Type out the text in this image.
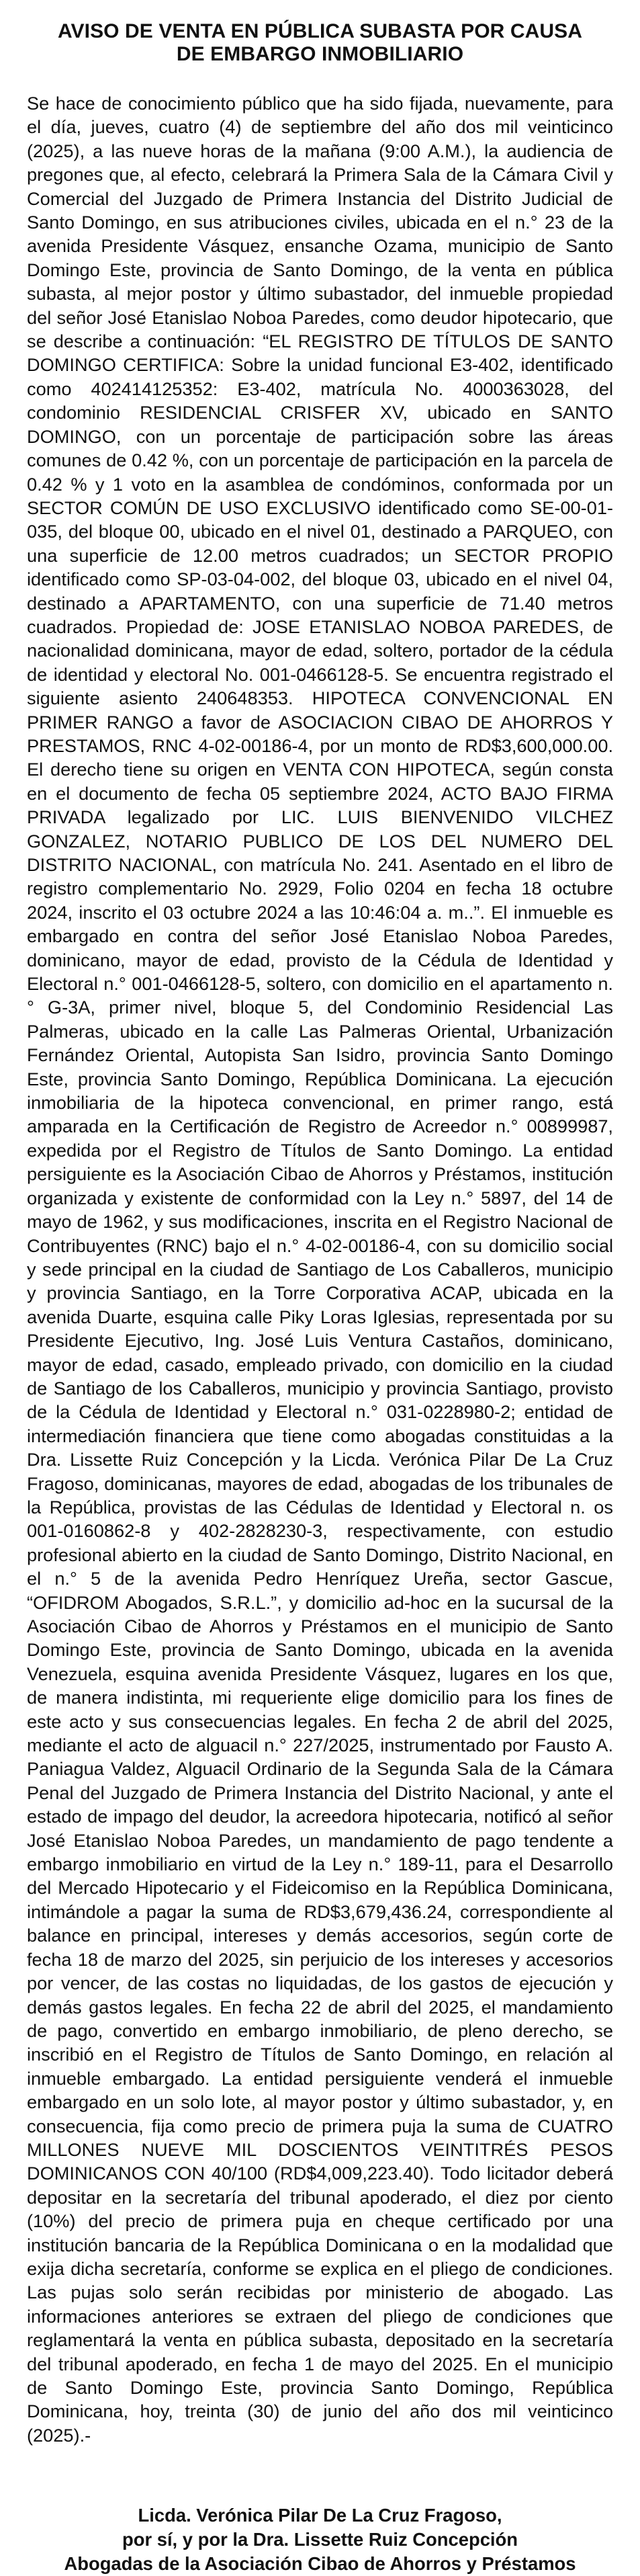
AVISO DE VENTA EN PÚBLICA SUBASTA POR CAUSA
DE EMBARGO INMOBILIARIO

Se hace de conocimiento público que ha sido fijada, nuevamente, para el día, jueves, cuatro (4) de septiembre del año dos mil veinticinco (2025), a las nueve horas de la mañana (9:00 A.M.), la audiencia de pregones que, al efecto, celebrará la Primera Sala de la Cámara Civil y Comercial del Juzgado de Primera Instancia del Distrito Judicial de Santo Domingo, en sus atribuciones civiles, ubicada en el n.° 23 de la avenida Presidente Vásquez, ensanche Ozama, municipio de Santo Domingo Este, provincia de Santo Domingo, de la venta en pública subasta, al mejor postor y último subastador, del inmueble propiedad del señor José Etanislao Noboa Paredes, como deudor hipotecario, que se describe a continuación: “EL REGISTRO DE TÍTULOS DE SANTO DOMINGO CERTIFICA: Sobre la unidad funcional E3-402, identificado como 402414125352: E3-402, matrícula No. 4000363028, del condominio RESIDENCIAL CRISFER XV, ubicado en SANTO DOMINGO, con un porcentaje de participación sobre las áreas comunes de 0.42 %, con un porcentaje de participación en la parcela de 0.42 % y 1 voto en la asamblea de condóminos, conformada por un SECTOR COMÚN DE USO EXCLUSIVO identificado como SE-00-01-035, del bloque 00, ubicado en el nivel 01, destinado a PARQUEO, con una superficie de 12.00 metros cuadrados; un SECTOR PROPIO identificado como SP-03-04-002, del bloque 03, ubicado en el nivel 04, destinado a APARTAMENTO, con una superficie de 71.40 metros cuadrados. Propiedad de: JOSE ETANISLAO NOBOA PAREDES, de nacionalidad dominicana, mayor de edad, soltero, portador de la cédula de identidad y electoral No. 001-0466128-5. Se encuentra registrado el siguiente asiento 240648353. HIPOTECA CONVENCIONAL EN PRIMER RANGO a favor de ASOCIACION CIBAO DE AHORROS Y PRESTAMOS, RNC 4-02-00186-4, por un monto de RD$3,600,000.00. El derecho tiene su origen en VENTA CON HIPOTECA, según consta en el documento de fecha 05 septiembre 2024, ACTO BAJO FIRMA PRIVADA legalizado por LIC. LUIS BIENVENIDO VILCHEZ GONZALEZ, NOTARIO PUBLICO DE LOS DEL NUMERO DEL DISTRITO NACIONAL, con matrícula No. 241. Asentado en el libro de registro complementario No. 2929, Folio 0204 en fecha 18 octubre 2024, inscrito el 03 octubre 2024 a las 10:46:04 a. m..”. El inmueble es embargado en contra del señor José Etanislao Noboa Paredes, dominicano, mayor de edad, provisto de la Cédula de Identidad y Electoral n.° 001-0466128-5, soltero, con domicilio en el apartamento n.° G-3A, primer nivel, bloque 5, del Condominio Residencial Las Palmeras, ubicado en la calle Las Palmeras Oriental, Urbanización Fernández Oriental, Autopista San Isidro, provincia Santo Domingo Este, provincia Santo Domingo, República Dominicana. La ejecución inmobiliaria de la hipoteca convencional, en primer rango, está amparada en la Certificación de Registro de Acreedor n.° 00899987, expedida por el Registro de Títulos de Santo Domingo. La entidad persiguiente es la Asociación Cibao de Ahorros y Préstamos, institución organizada y existente de conformidad con la Ley n.° 5897, del 14 de mayo de 1962, y sus modificaciones, inscrita en el Registro Nacional de Contribuyentes (RNC) bajo el n.° 4-02-00186-4, con su domicilio social y sede principal en la ciudad de Santiago de Los Caballeros, municipio y provincia Santiago, en la Torre Corporativa ACAP, ubicada en la avenida Duarte, esquina calle Piky Loras Iglesias, representada por su Presidente Ejecutivo, Ing. José Luis Ventura Castaños, dominicano, mayor de edad, casado, empleado privado, con domicilio en la ciudad de Santiago de los Caballeros, municipio y provincia Santiago, provisto de la Cédula de Identidad y Electoral n.° 031-0228980-2; entidad de intermediación financiera que tiene como abogadas constituidas a la Dra. Lissette Ruiz Concepción y la Licda. Verónica Pilar De La Cruz Fragoso, dominicanas, mayores de edad, abogadas de los tribunales de la República, provistas de las Cédulas de Identidad y Electoral n. os 001-0160862-8 y 402-2828230-3, respectivamente, con estudio profesional abierto en la ciudad de Santo Domingo, Distrito Nacional, en el n.° 5 de la avenida Pedro Henríquez Ureña, sector Gascue, “OFIDROM Abogados, S.R.L.”, y domicilio ad-hoc en la sucursal de la Asociación Cibao de Ahorros y Préstamos en el municipio de Santo Domingo Este, provincia de Santo Domingo, ubicada en la avenida Venezuela, esquina avenida Presidente Vásquez, lugares en los que, de manera indistinta, mi requeriente elige domicilio para los fines de este acto y sus consecuencias legales. En fecha 2 de abril del 2025, mediante el acto de alguacil n.° 227/2025, instrumentado por Fausto A. Paniagua Valdez, Alguacil Ordinario de la Segunda Sala de la Cámara Penal del Juzgado de Primera Instancia del Distrito Nacional, y ante el estado de impago del deudor, la acreedora hipotecaria, notificó al señor José Etanislao Noboa Paredes, un mandamiento de pago tendente a embargo inmobiliario en virtud de la Ley n.° 189-11, para el Desarrollo del Mercado Hipotecario y el Fideicomiso en la República Dominicana, intimándole a pagar la suma de RD$3,679,436.24, correspondiente al balance en principal, intereses y demás accesorios, según corte de fecha 18 de marzo del 2025, sin perjuicio de los intereses y accesorios por vencer, de las costas no liquidadas, de los gastos de ejecución y demás gastos legales. En fecha 22 de abril del 2025, el mandamiento de pago, convertido en embargo inmobiliario, de pleno derecho, se inscribió en el Registro de Títulos de Santo Domingo, en relación al inmueble embargado. La entidad persiguiente venderá el inmueble embargado en un solo lote, al mayor postor y último subastador, y, en consecuencia, fija como precio de primera puja la suma de CUATRO MILLONES NUEVE MIL DOSCIENTOS VEINTITRÉS PESOS DOMINICANOS CON 40/100 (RD$4,009,223.40). Todo licitador deberá depositar en la secretaría del tribunal apoderado, el diez por ciento (10%) del precio de primera puja en cheque certificado por una institución bancaria de la República Dominicana o en la modalidad que exija dicha secretaría, conforme se explica en el pliego de condiciones. Las pujas solo serán recibidas por ministerio de abogado. Las informaciones anteriores se extraen del pliego de condiciones que reglamentará la venta en pública subasta, depositado en la secretaría del tribunal apoderado, en fecha 1 de mayo del 2025. En el municipio de Santo Domingo Este, provincia Santo Domingo, República Dominicana, hoy, treinta (30) de junio del año dos mil veinticinco (2025).-

Licda. Verónica Pilar De La Cruz Fragoso,
por sí, y por la Dra. Lissette Ruiz Concepción
Abogadas de la Asociación Cibao de Ahorros y Préstamos
